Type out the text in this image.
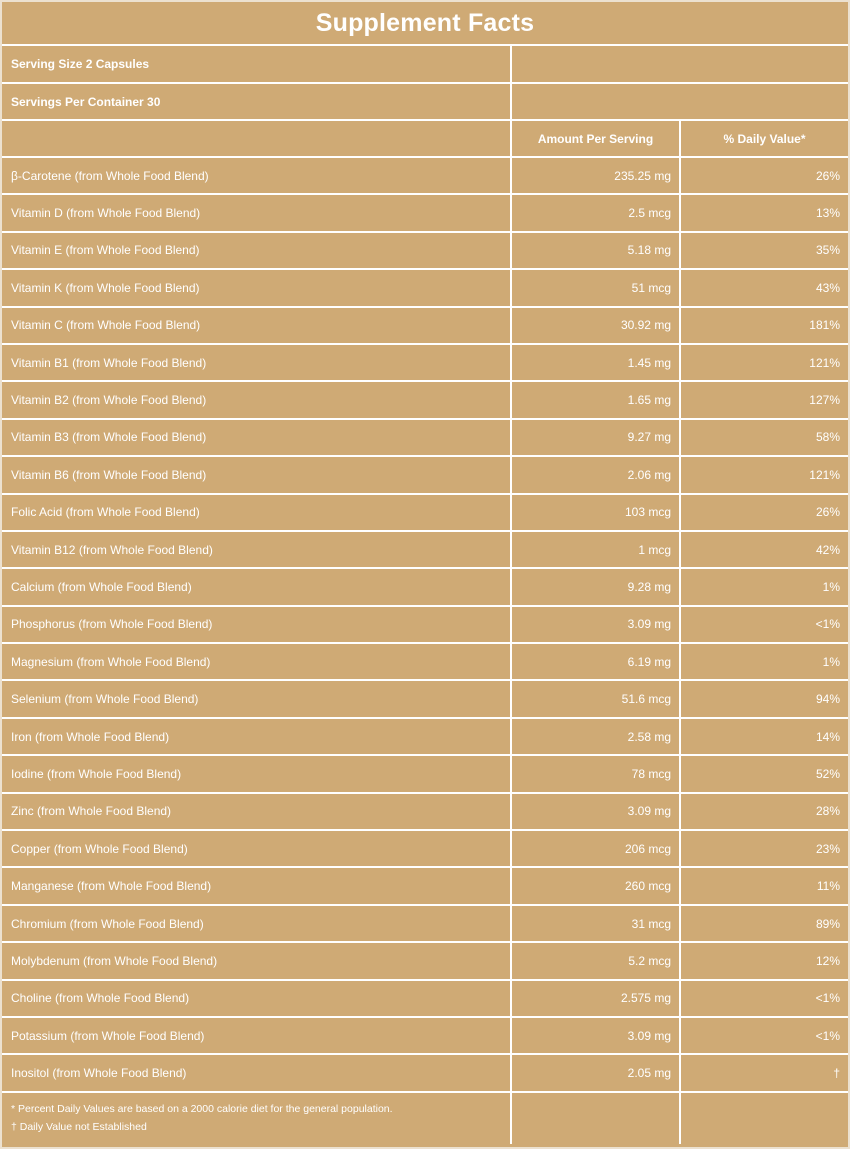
Supplement Facts
Serving Size 2 Capsules		
Servings Per Container 30		
	Amount Per Serving	% Daily Value*
β-Carotene (from Whole Food Blend)	235.25 mg	26%
Vitamin D (from Whole Food Blend)	2.5 mcg	13%
Vitamin E (from Whole Food Blend)	5.18 mg	35%
Vitamin K (from Whole Food Blend)	51 mcg	43%
Vitamin C (from Whole Food Blend)	30.92 mg	181%
Vitamin B1 (from Whole Food Blend)	1.45 mg	121%
Vitamin B2 (from Whole Food Blend)	1.65 mg	127%
Vitamin B3 (from Whole Food Blend)	9.27 mg	58%
Vitamin B6 (from Whole Food Blend)	2.06 mg	121%
Folic Acid (from Whole Food Blend)	103 mcg	26%
Vitamin B12 (from Whole Food Blend)	1 mcg	42%
Calcium (from Whole Food Blend)	9.28 mg	1%
Phosphorus (from Whole Food Blend)	3.09 mg	<1%
Magnesium (from Whole Food Blend)	6.19 mg	1%
Selenium (from Whole Food Blend)	51.6 mcg	94%
Iron (from Whole Food Blend)	2.58 mg	14%
Iodine (from Whole Food Blend)	78 mcg	52%
Zinc (from Whole Food Blend)	3.09 mg	28%
Copper (from Whole Food Blend)	206 mcg	23%
Manganese (from Whole Food Blend)	260 mcg	11%
Chromium (from Whole Food Blend)	31 mcg	89%
Molybdenum (from Whole Food Blend)	5.2 mcg	12%
Choline (from Whole Food Blend)	2.575 mg	<1%
Potassium (from Whole Food Blend)	3.09 mg	<1%
Inositol (from Whole Food Blend)	2.05 mg	†

* Percent Daily Values are based on a 2000 calorie diet for the general population.
† Daily Value not Established		
